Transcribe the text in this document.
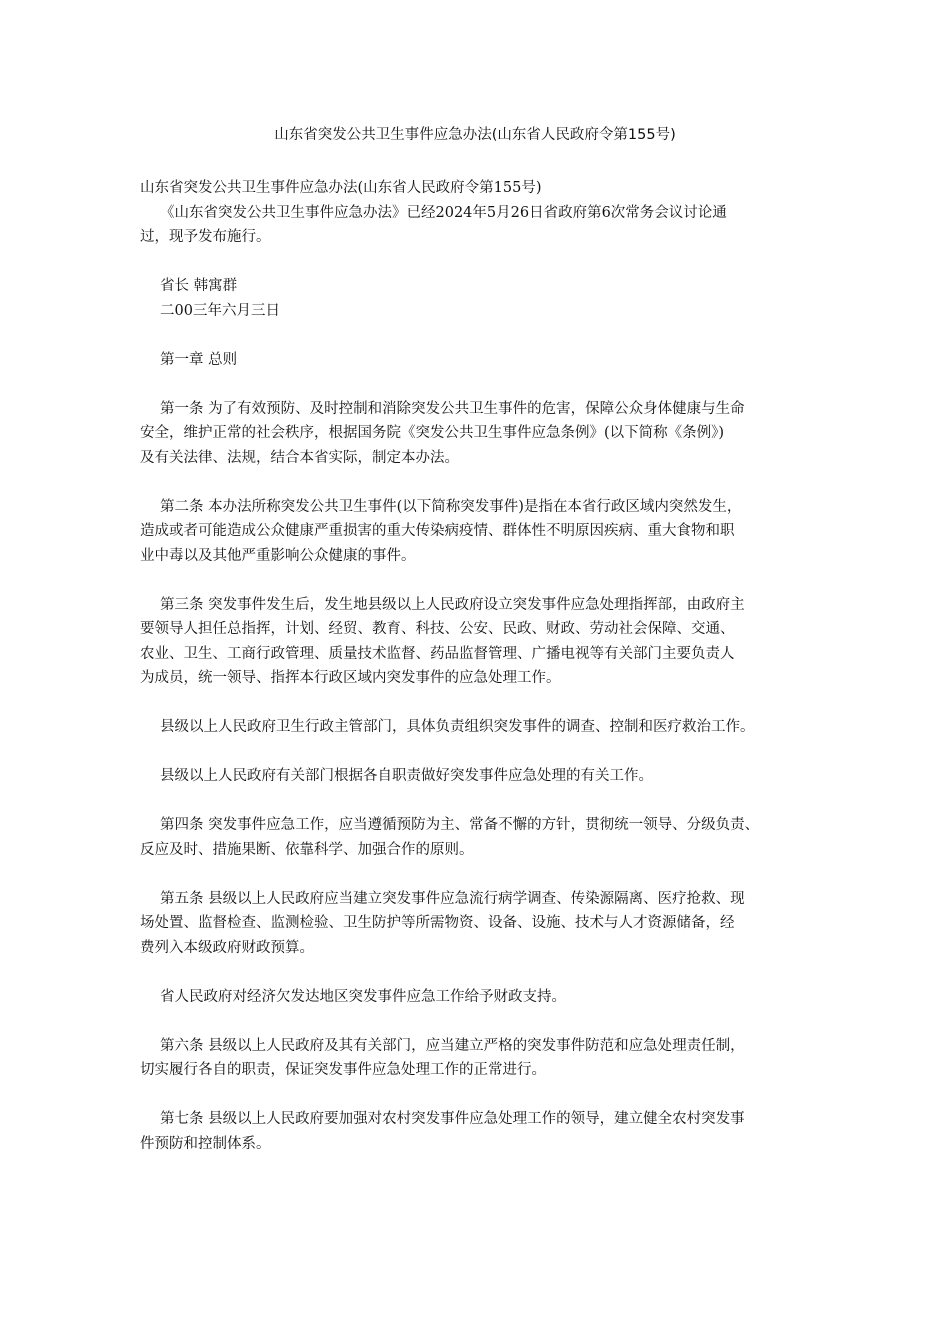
山东省突发公共卫生事件应急办法(山东省人民政府令第155号)
山东省突发公共卫生事件应急办法(山东省人民政府令第155号)
《山东省突发公共卫生事件应急办法》已经2024年5月26日省政府第6次常务会议讨论通
过，现予发布施行。
省长 韩寓群
二00三年六月三日
第一章 总则
第一条 为了有效预防、及时控制和消除突发公共卫生事件的危害，保障公众身体健康与生命
安全，维护正常的社会秩序，根据国务院《突发公共卫生事件应急条例》(以下简称《条例》)
及有关法律、法规，结合本省实际，制定本办法。
第二条 本办法所称突发公共卫生事件(以下简称突发事件)是指在本省行政区域内突然发生，
造成或者可能造成公众健康严重损害的重大传染病疫情、群体性不明原因疾病、重大食物和职
业中毒以及其他严重影响公众健康的事件。
第三条 突发事件发生后，发生地县级以上人民政府设立突发事件应急处理指挥部，由政府主
要领导人担任总指挥，计划、经贸、教育、科技、公安、民政、财政、劳动社会保障、交通、
农业、卫生、工商行政管理、质量技术监督、药品监督管理、广播电视等有关部门主要负责人
为成员，统一领导、指挥本行政区域内突发事件的应急处理工作。
县级以上人民政府卫生行政主管部门，具体负责组织突发事件的调查、控制和医疗救治工作。
县级以上人民政府有关部门根据各自职责做好突发事件应急处理的有关工作。
第四条 突发事件应急工作，应当遵循预防为主、常备不懈的方针，贯彻统一领导、分级负责、
反应及时、措施果断、依靠科学、加强合作的原则。
第五条 县级以上人民政府应当建立突发事件应急流行病学调查、传染源隔离、医疗抢救、现
场处置、监督检查、监测检验、卫生防护等所需物资、设备、设施、技术与人才资源储备，经
费列入本级政府财政预算。
省人民政府对经济欠发达地区突发事件应急工作给予财政支持。
第六条 县级以上人民政府及其有关部门，应当建立严格的突发事件防范和应急处理责任制，
切实履行各自的职责，保证突发事件应急处理工作的正常进行。
第七条 县级以上人民政府要加强对农村突发事件应急处理工作的领导，建立健全农村突发事
件预防和控制体系。
